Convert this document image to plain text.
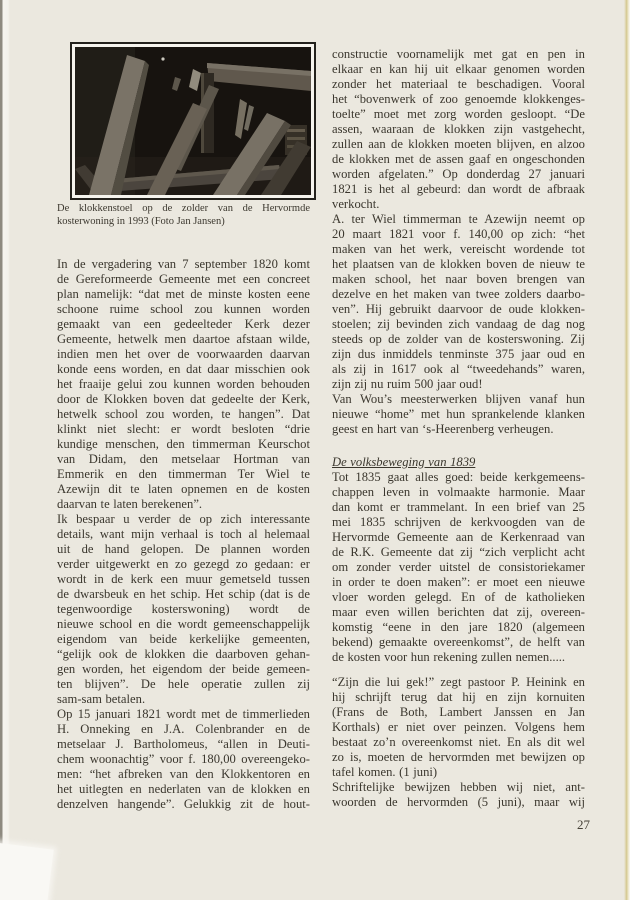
De klokkenstoel op de zolder van de Hervormde
kosterwoning in 1993 (Foto Jan Jansen)
In de vergadering van 7 september 1820 komt
de Gereformeerde Gemeente met een concreet
plan namelijk: “dat met de minste kosten eene
schoone ruime school zou kunnen worden
gemaakt van een gedeelteder Kerk dezer
Gemeente, hetwelk men daartoe afstaan wilde,
indien men het over de voorwaarden daarvan
konde eens worden, en dat daar misschien ook
het fraaije gelui zou kunnen worden behouden
door de Klokken boven dat gedeelte der Kerk,
hetwelk school zou worden, te hangen”. Dat
klinkt niet slecht: er wordt besloten “drie
kundige menschen, den timmerman Keurschot
van Didam, den metselaar Hortman van
Emmerik en den timmerman Ter Wiel te
Azewijn dit te laten opnemen en de kosten
daarvan te laten berekenen”.
Ik bespaar u verder de op zich interessante
details, want mijn verhaal is toch al helemaal
uit de hand gelopen. De plannen worden
verder uitgewerkt en zo gezegd zo gedaan: er
wordt in de kerk een muur gemetseld tussen
de dwarsbeuk en het schip. Het schip (dat is de
tegenwoordige kosterswoning) wordt de
nieuwe school en die wordt gemeenschappelijk
eigendom van beide kerkelijke gemeenten,
“gelijk ook de klokken die daarboven gehan-
gen worden, het eigendom der beide gemeen-
ten blijven”. De hele operatie zullen zij
sam-sam betalen.
Op 15 januari 1821 wordt met de timmerlieden
H. Onneking en J.A. Colenbrander en de
metselaar J. Bartholomeus, “allen in Deuti-
chem woonachtig” voor f. 180,00 overeengeko-
men: “het afbreken van den Klokkentoren en
het uitlegten en nederlaten van de klokken en
denzelven hangende”. Gelukkig zit de hout-
constructie voornamelijk met gat en pen in
elkaar en kan hij uit elkaar genomen worden
zonder het materiaal te beschadigen. Vooral
het “bovenwerk of zoo genoemde klokkenges-
toelte” moet met zorg worden gesloopt. “De
assen, waaraan de klokken zijn vastgehecht,
zullen aan de klokken moeten blijven, en alzoo
de klokken met de assen gaaf en ongeschonden
worden afgelaten.” Op donderdag 27 januari
1821 is het al gebeurd: dan wordt de afbraak
verkocht.
A. ter Wiel timmerman te Azewijn neemt op
20 maart 1821 voor f. 140,00 op zich: “het
maken van het werk, vereischt wordende tot
het plaatsen van de klokken boven de nieuw te
maken school, het naar boven brengen van
dezelve en het maken van twee zolders daarbo-
ven”. Hij gebruikt daarvoor de oude klokken-
stoelen; zij bevinden zich vandaag de dag nog
steeds op de zolder van de kosterswoning. Zij
zijn dus inmiddels tenminste 375 jaar oud en
als zij in 1617 ook al “tweedehands” waren,
zijn zij nu ruim 500 jaar oud!
Van Wou’s meesterwerken blijven vanaf hun
nieuwe “home” met hun sprankelende klanken
geest en hart van ‘s-Heerenberg verheugen.
De volksbeweging van 1839
Tot 1835 gaat alles goed: beide kerkgemeens-
chappen leven in volmaakte harmonie. Maar
dan komt er trammelant. In een brief van 25
mei 1835 schrijven de kerkvoogden van de
Hervormde Gemeente aan de Kerkenraad van
de R.K. Gemeente dat zij “zich verplicht acht
om zonder verder uitstel de consistoriekamer
in order te doen maken”: er moet een nieuwe
vloer worden gelegd. En of de katholieken
maar even willen berichten dat zij, overeen-
komstig “eene in den jare 1820 (algemeen
bekend) gemaakte overeenkomst”, de helft van
de kosten voor hun rekening zullen nemen.....
“Zijn die lui gek!” zegt pastoor P. Heinink en
hij schrijft terug dat hij en zijn kornuiten
(Frans de Both, Lambert Janssen en Jan
Korthals) er niet over peinzen. Volgens hem
bestaat zo’n overeenkomst niet. En als dit wel
zo is, moeten de hervormden met bewijzen op
tafel komen. (1 juni)
Schriftelijke bewijzen hebben wij niet, ant-
woorden de hervormden (5 juni), maar wij
27
